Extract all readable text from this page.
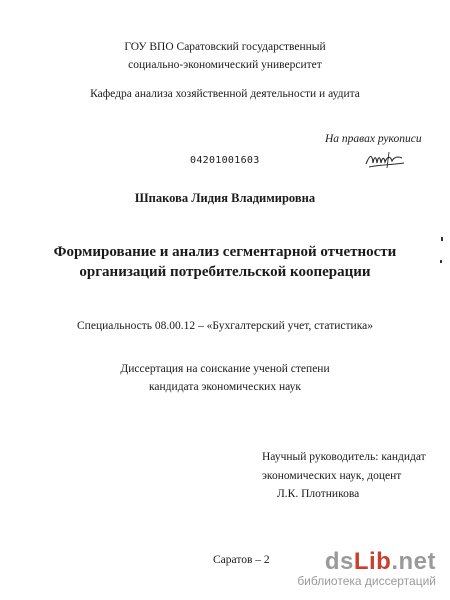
ГОУ ВПО Саратовский государственный
социально-экономический университет
Кафедра анализа хозяйственной деятельности и аудита
На правах рукописи
04201001603
Шпакова Лидия Владимировна
Формирование и анализ сегментарной отчетности
организаций потребительской кооперации
Специальность 08.00.12 – «Бухгалтерский учет, статистика»
Диссертация на соискание ученой степени
кандидата экономических наук
Научный руководитель: кандидат
экономических наук, доцент
Л.К. Плотникова
Саратов – 2 dsLib.net
библиотека диссертаций
